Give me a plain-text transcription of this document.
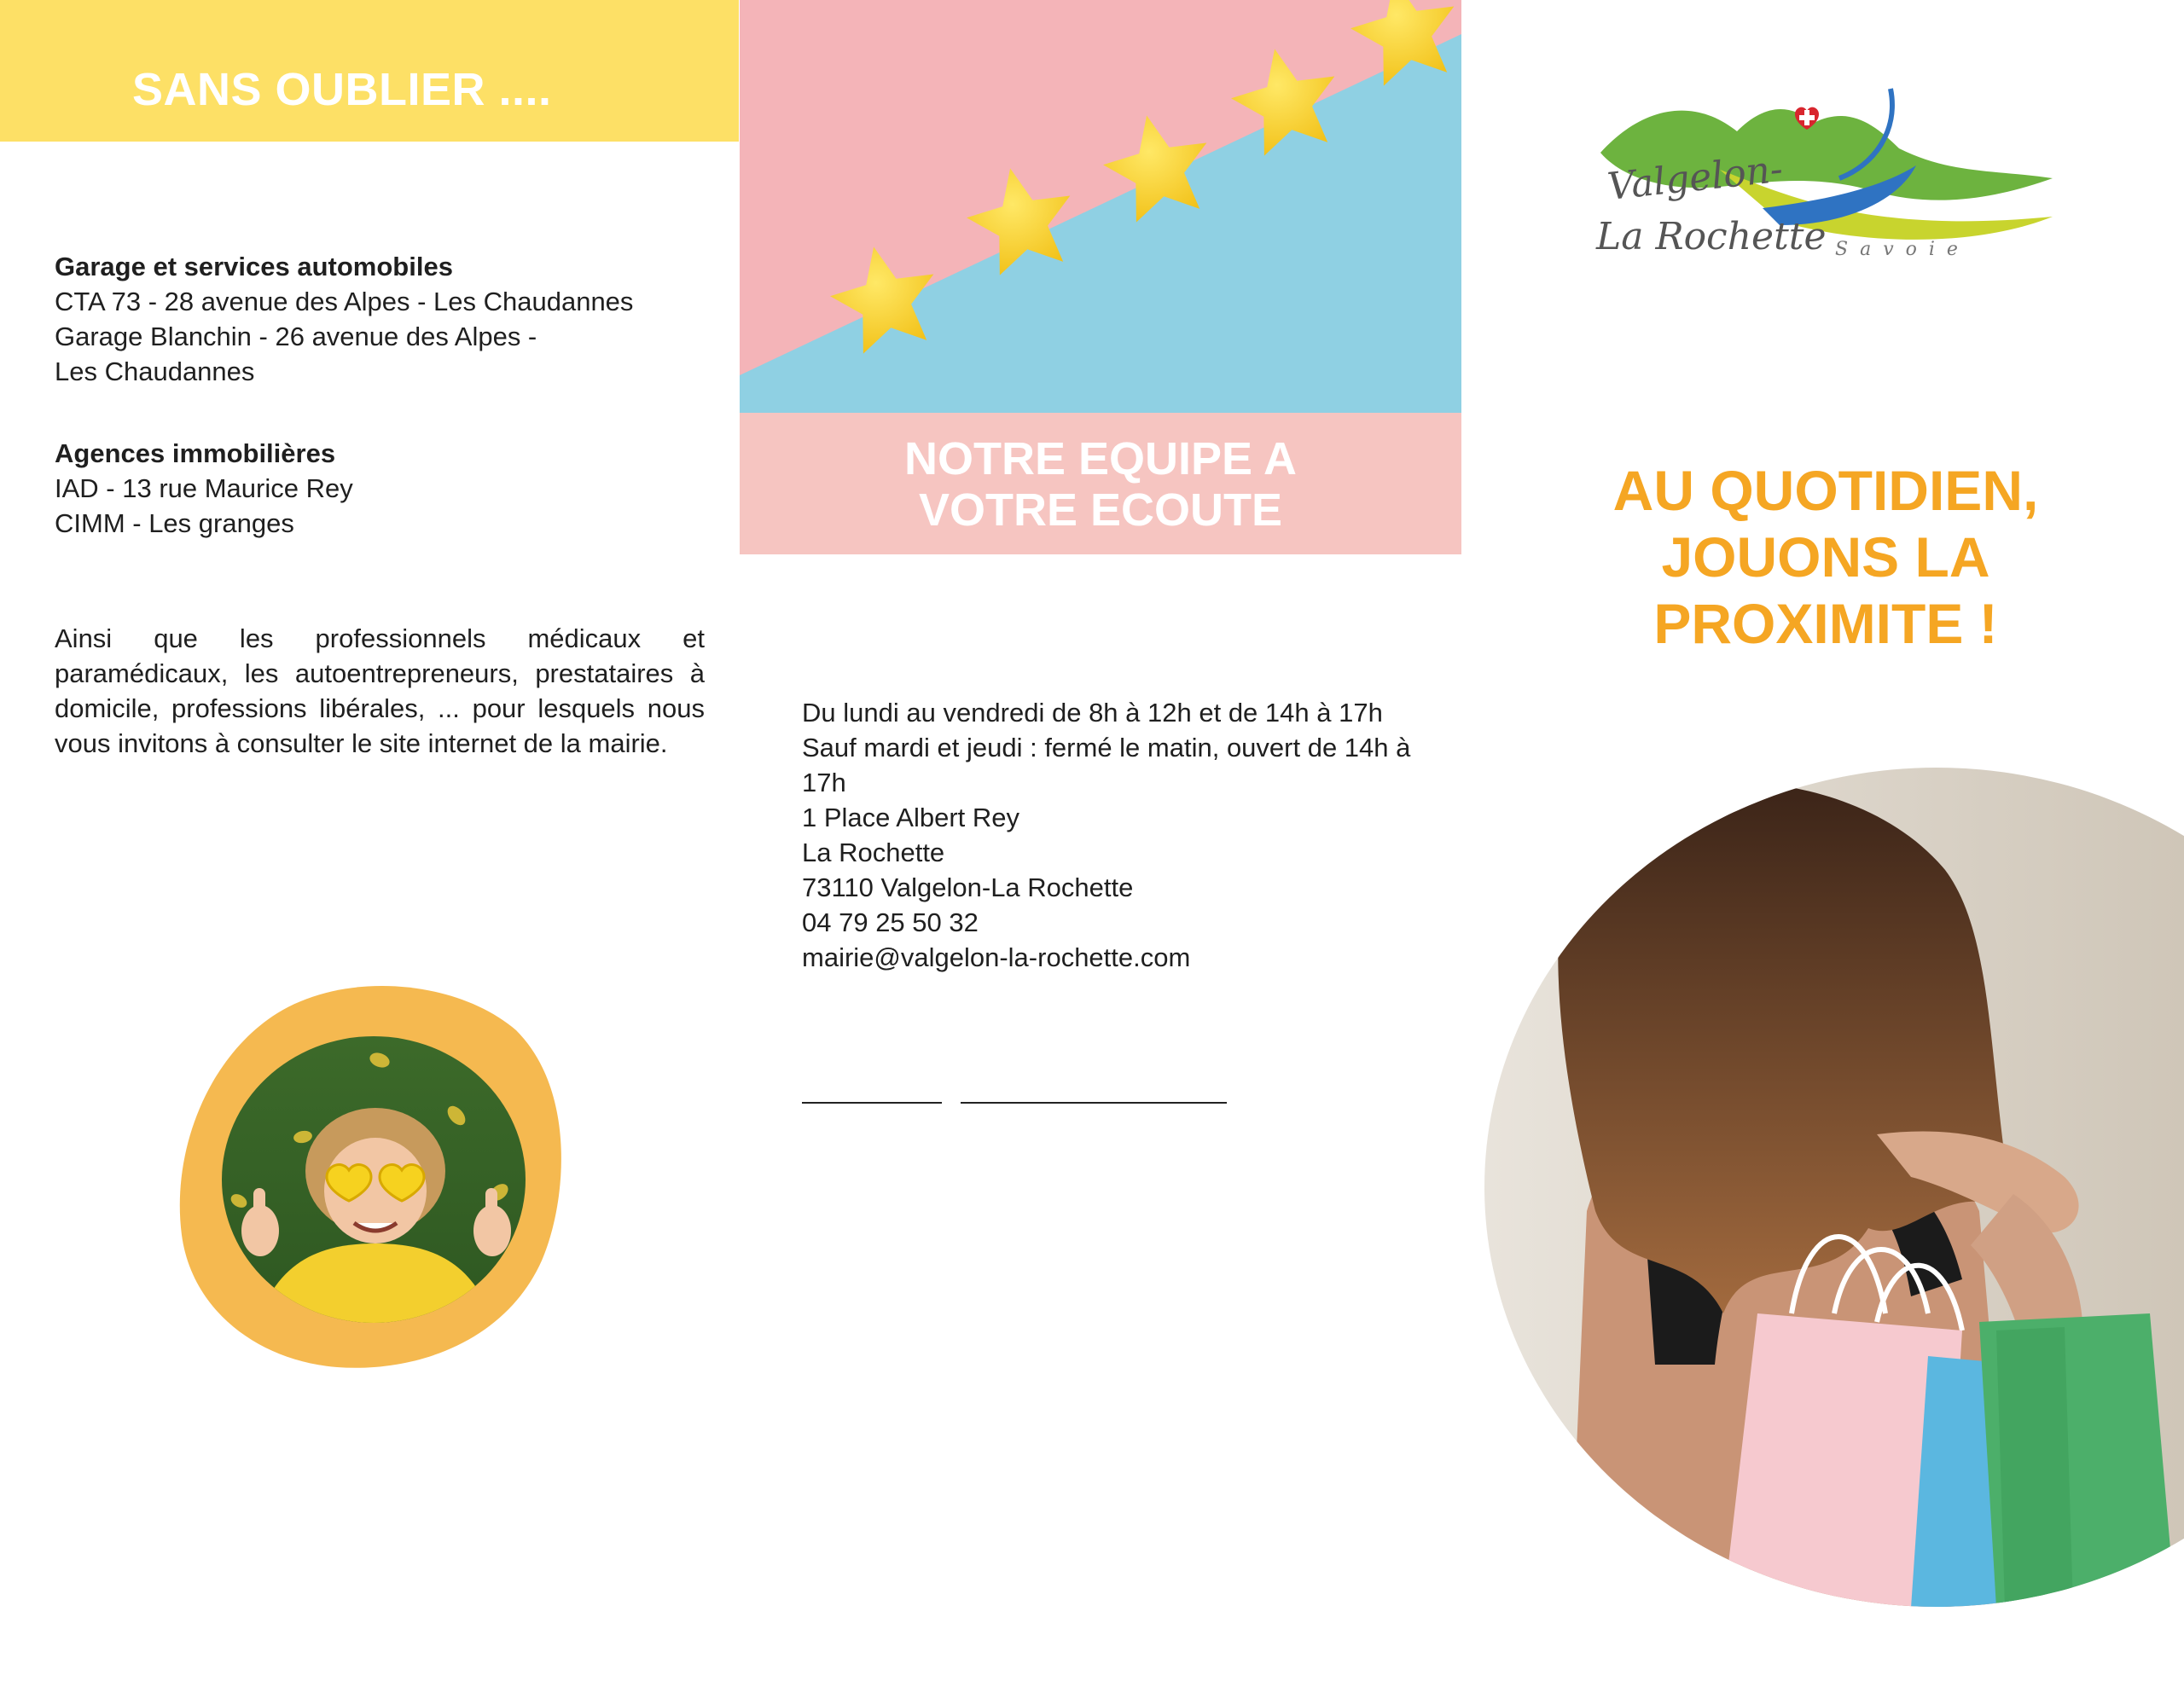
SANS OUBLIER ....
Garage et services automobiles
CTA 73 - 28 avenue des Alpes - Les Chaudannes
Garage Blanchin - 26 avenue des Alpes -
Les Chaudannes
Agences immobilières
IAD - 13 rue Maurice Rey
CIMM - Les granges
Ainsi que les professionnels médicaux et paramédicaux, les autoentrepreneurs, prestataires à domicile, professions libérales, ... pour lesquels nous vous invitons à consulter le site internet de la mairie.
NOTRE EQUIPE A
VOTRE ECOUTE
Du lundi au vendredi de 8h à 12h et de 14h à 17h
Sauf mardi et jeudi : fermé le matin, ouvert de 14h à 17h
1 Place Albert Rey
La Rochette
73110 Valgelon-La Rochette
04 79 25 50 32
mairie@valgelon-la-rochette.com
Valgelon-
La Rochette Savoie
AU QUOTIDIEN,
JOUONS LA
PROXIMITE !
